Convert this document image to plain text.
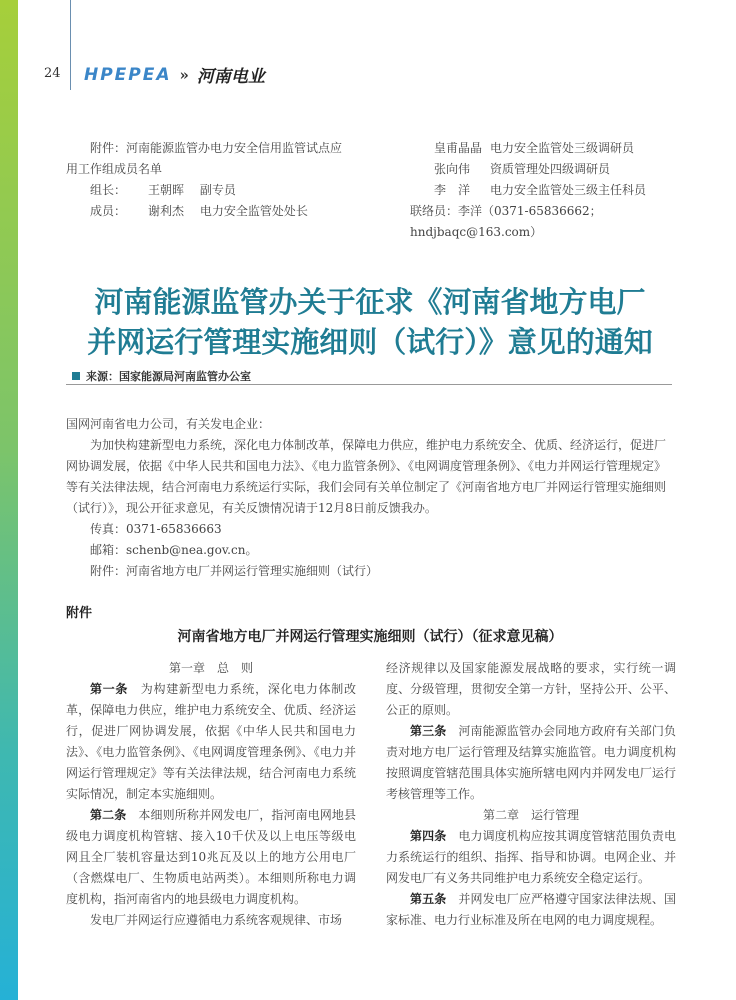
24 HPEPEA » 河南电业
附件：河南能源监管办电力安全信用监管试点应
用工作组成员名单
组长：	王朝晖　 副专员
成员：	谢利杰　 电力安全监管处处长
皇甫晶晶 电力安全监管处三级调研员
张向伟	资质管理处四级调研员
李　洋	电力安全监管处三级主任科员
联络员：李洋（0371-65836662；hndjbaqc@163.com）
河南能源监管办关于征求《河南省地方电厂
并网运行管理实施细则（试行）》意见的通知
来源：国家能源局河南监管办公室

国网河南省电力公司，有关发电企业：

为加快构建新型电力系统，深化电力体制改革，保障电力供应，维护电力系统安全、优质、经济运行，促进厂网协调发展，依据《中华人民共和国电力法》、《电力监管条例》、《电网调度管理条例》、《电力并网运行管理规定》等有关法律法规，结合河南电力系统运行实际，我们会同有关单位制定了《河南省地方电厂并网运行管理实施细则（试行）》，现公开征求意见，有关反馈情况请于12月8日前反馈我办。

传真：0371-65836663

邮箱：schenb@nea.gov.cn。

附件：河南省地方电厂并网运行管理实施细则（试行）

附件
河南省地方电厂并网运行管理实施细则（试行）（征求意见稿）

第一章　总　则

第一条　为构建新型电力系统，深化电力体制改革，保障电力供应，维护电力系统安全、优质、经济运行，促进厂网协调发展，依据《中华人民共和国电力法》、《电力监管条例》、《电网调度管理条例》、《电力并网运行管理规定》等有关法律法规，结合河南电力系统实际情况，制定本实施细则。

第二条　本细则所称并网发电厂，指河南电网地县级电力调度机构管辖、接入10千伏及以上电压等级电网且全厂装机容量达到10兆瓦及以上的地方公用电厂（含燃煤电厂、生物质电站两类）。本细则所称电力调度机构，指河南省内的地县级电力调度机构。

发电厂并网运行应遵循电力系统客观规律、市场

经济规律以及国家能源发展战略的要求，实行统一调度、分级管理，贯彻安全第一方针，坚持公开、公平、公正的原则。

第三条　河南能源监管办会同地方政府有关部门负责对地方电厂运行管理及结算实施监管。电力调度机构按照调度管辖范围具体实施所辖电网内并网发电厂运行考核管理等工作。

第二章　运行管理

第四条　电力调度机构应按其调度管辖范围负责电力系统运行的组织、指挥、指导和协调。电网企业、并网发电厂有义务共同维护电力系统安全稳定运行。

第五条　并网发电厂应严格遵守国家法律法规、国家标准、电力行业标准及所在电网的电力调度规程。
